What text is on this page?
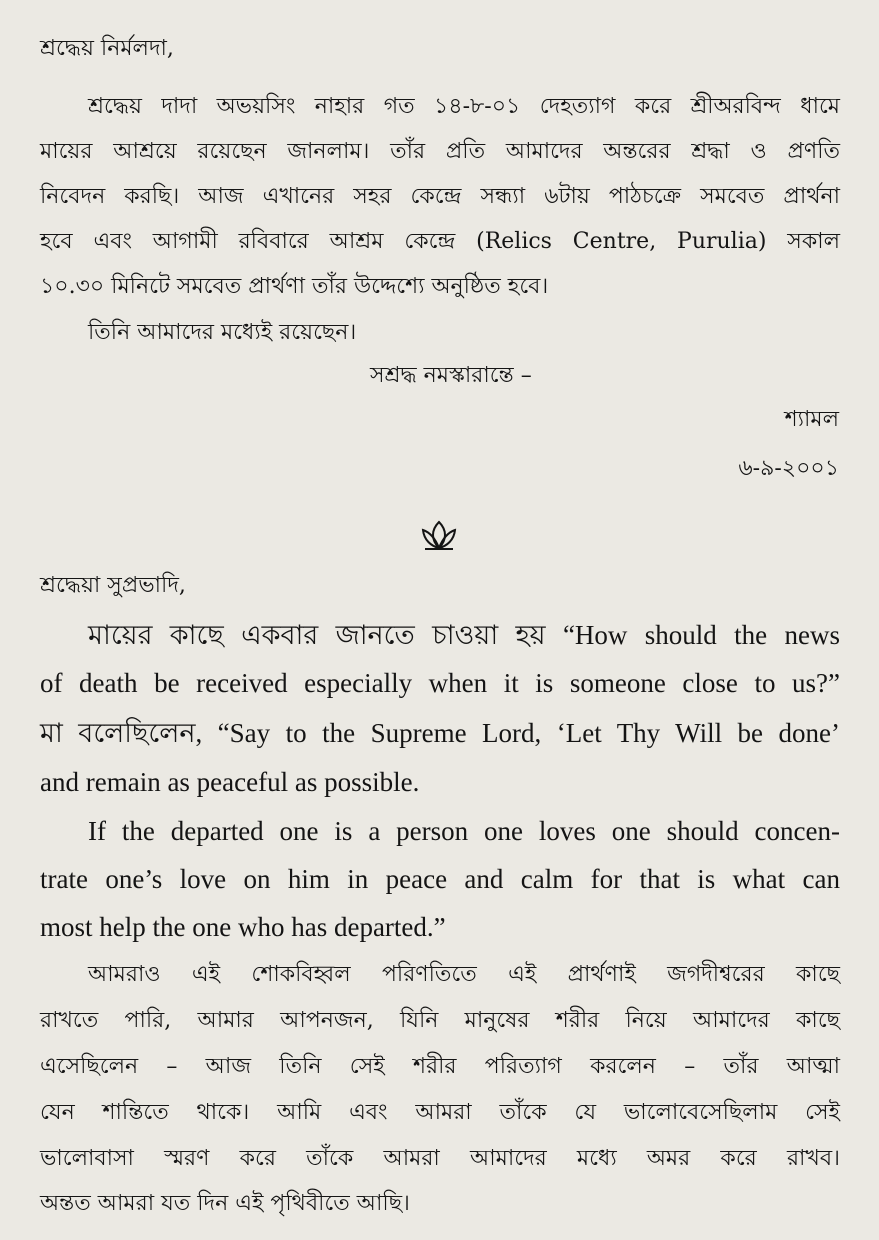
শ্রদ্ধেয় নির্মলদা,
শ্রদ্ধেয় দাদা অভয়সিং নাহার গত ১৪-৮-০১ দেহত্যাগ করে শ্রীঅরবিন্দ ধামে
মায়ের আশ্রয়ে রয়েছেন জানলাম। তাঁর প্রতি আমাদের অন্তরের শ্রদ্ধা ও প্রণতি
নিবেদন করছি। আজ এখানের সহর কেন্দ্রে সন্ধ্যা ৬টায় পাঠচক্রে সমবেত প্রার্থনা
হবে এবং আগামী রবিবারে আশ্রম কেন্দ্রে (Relics Centre, Purulia) সকাল
১০.৩০ মিনিটে সমবেত প্রার্থণা তাঁর উদ্দেশ্যে অনুষ্ঠিত হবে।
তিনি আমাদের মধ্যেই রয়েছেন।
সশ্রদ্ধ নমস্কারান্তে –
শ্যামল
৬-৯-২০০১
শ্রদ্ধেয়া সুপ্রভাদি,
মায়ের কাছে একবার জানতে চাওয়া হয় “How should the news
of death be received especially when it is someone close to us?”
মা বলেছিলেন, “Say to the Supreme Lord, ‘Let Thy Will be done’
and remain as peaceful as possible.
If the departed one is a person one loves one should concen-
trate one’s love on him in peace and calm for that is what can
most help the one who has departed.”
আমরাও এই শোকবিহ্বল পরিণতিতে এই প্রার্থণাই জগদীশ্বরের কাছে
রাখতে পারি, আমার আপনজন, যিনি মানুষের শরীর নিয়ে আমাদের কাছে
এসেছিলেন – আজ তিনি সেই শরীর পরিত্যাগ করলেন – তাঁর আত্মা
যেন শান্তিতে থাকে। আমি এবং আমরা তাঁকে যে ভালোবেসেছিলাম সেই
ভালোবাসা স্মরণ করে তাঁকে আমরা আমাদের মধ্যে অমর করে রাখব।
অন্তত আমরা যত দিন এই পৃথিবীতে আছি।
